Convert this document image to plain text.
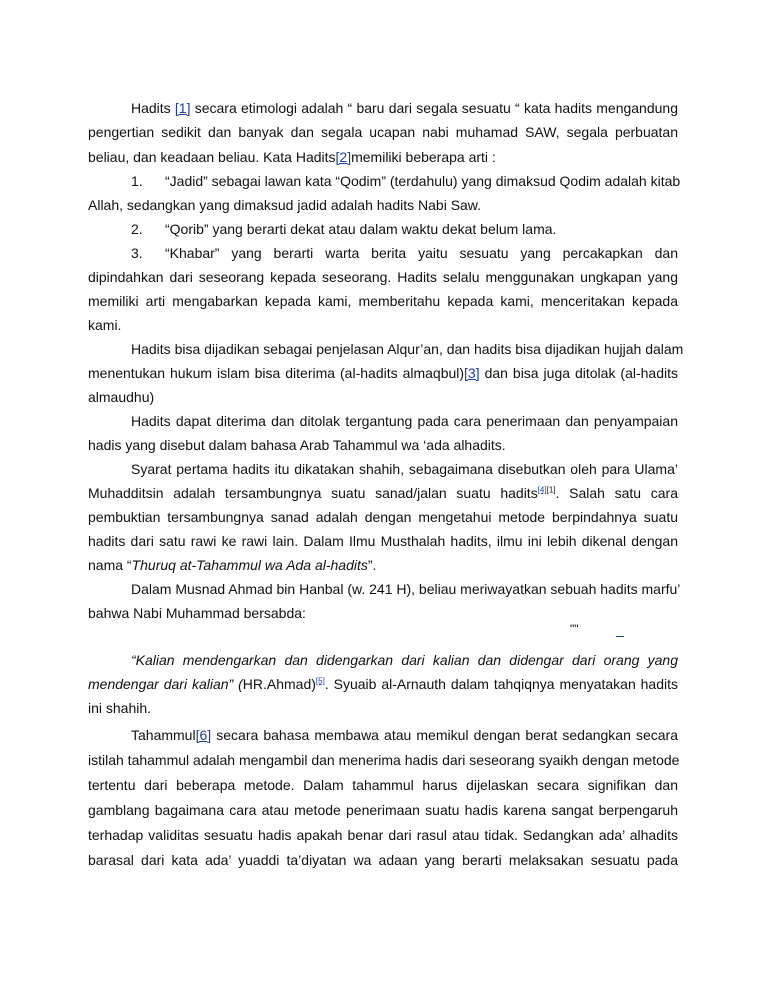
Hadits [1] secara etimologi adalah “ baru dari segala sesuatu “ kata hadits mengandung
pengertian sedikit dan banyak dan segala ucapan nabi muhamad SAW, segala perbuatan
beliau, dan keadaan beliau. Kata Hadits[2]memiliki beberapa arti :
1. “Jadid” sebagai lawan kata “Qodim” (terdahulu) yang dimaksud Qodim adalah kitab
Allah, sedangkan yang dimaksud jadid adalah hadits Nabi Saw.
2. “Qorib” yang berarti dekat atau dalam waktu dekat belum lama.
3. “Khabar” yang berarti warta berita yaitu sesuatu yang percakapkan dan
dipindahkan dari seseorang kepada seseorang. Hadits selalu menggunakan ungkapan yang
memiliki arti mengabarkan kepada kami, memberitahu kepada kami, menceritakan kepada
kami.
Hadits bisa dijadikan sebagai penjelasan Alqur’an, dan hadits bisa dijadikan hujjah dalam
menentukan hukum islam bisa diterima (al-hadits almaqbul)[3] dan bisa juga ditolak (al-hadits
almaudhu)
Hadits dapat diterima dan ditolak tergantung pada cara penerimaan dan penyampaian
hadis yang disebut dalam bahasa Arab Tahammul wa ‘ada alhadits.
Syarat pertama hadits itu dikatakan shahih, sebagaimana disebutkan oleh para Ulama’
Muhadditsin adalah tersambungnya suatu sanad/jalan suatu hadits[4][1]. Salah satu cara
pembuktian tersambungnya sanad adalah dengan mengetahui metode berpindahnya suatu
hadits dari satu rawi ke rawi lain. Dalam Ilmu Musthalah hadits, ilmu ini lebih dikenal dengan
nama “Thuruq at-Tahammul wa Ada al-hadits”.
Dalam Musnad Ahmad bin Hanbal (w. 241 H), beliau meriwayatkan sebuah hadits marfu’
bahwa Nabi Muhammad bersabda:
""
“Kalian mendengarkan dan didengarkan dari kalian dan didengar dari orang yang
mendengar dari kalian” (HR.Ahmad)[5]. Syuaib al-Arnauth dalam tahqiqnya menyatakan hadits
ini shahih.
Tahammul[6] secara bahasa membawa atau memikul dengan berat sedangkan secara
istilah tahammul adalah mengambil dan menerima hadis dari seseorang syaikh dengan metode
tertentu dari beberapa metode. Dalam tahammul harus dijelaskan secara signifikan dan
gamblang bagaimana cara atau metode penerimaan suatu hadis karena sangat berpengaruh
terhadap validitas sesuatu hadis apakah benar dari rasul atau tidak. Sedangkan ada’ alhadits
barasal dari kata ada’ yuaddi ta’diyatan wa adaan yang berarti melaksakan sesuatu pada
